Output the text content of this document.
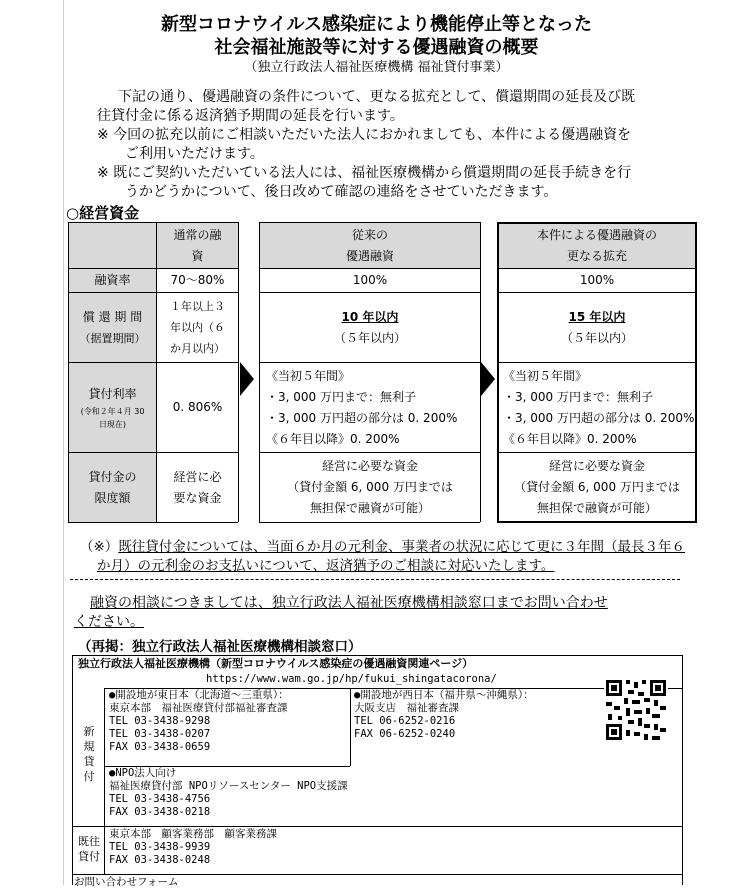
新型コロナウイルス感染症により機能停止等となった
社会福祉施設等に対する優遇融資の概要
（独立行政法人福祉医療機構 福祉貸付事業）
下記の通り、優遇融資の条件について、更なる拡充として、償還期間の延長及び既
往貸付金に係る返済猶予期間の延長を行います。
※ 今回の拡充以前にご相談いただいた法人におかれましても、本件による優遇融資を
ご利用いただけます。
※ 既にご契約いただいている法人には、福祉医療機構から償還期間の延長手続きを行
うかどうかについて、後日改めて確認の連絡をさせていただきます。
○経営資金
通常の融
資
融資率	70～80%
償 還 期 間
（据置期間）
１年以上３
年以内（６
か月以内）
貸付利率
(令和２年４月 30
日現在)
0. 806%
貸付金の
限度額
経営に必
要な資金
従来の
優遇融資
100%
10 年以内
（５年以内）
《当初５年間》
・3, 000 万円まで：無利子
・3, 000 万円超の部分は 0. 200%
《６年目以降》0. 200%
経営に必要な資金
（貸付金額 6, 000 万円までは
無担保で融資が可能）
本件による優遇融資の
更なる拡充
100%
15 年以内
（５年以内）
《当初５年間》
・3, 000 万円まで：無利子
・3, 000 万円超の部分は 0. 200%
《６年目以降》0. 200%
経営に必要な資金
（貸付金額 6, 000 万円までは
無担保で融資が可能）
（※）既往貸付金については、当面６か月の元利金、事業者の状況に応じて更に３年間（最長３年６
か月）の元利金のお支払いについて、返済猶予のご相談に対応いたします。
融資の相談につきましては、独立行政法人福祉医療機構相談窓口までお問い合わせ
ください。
（再掲：独立行政法人福祉医療機構相談窓口）
独立行政法人福祉医療機構（新型コロナウイルス感染症の優遇融資関連ページ）
https://www.wam.go.jp/hp/fukui_shingatacorona/
新
規
貸
付
●開設地が東日本（北海道～三重県）：
東京本部　福祉医療貸付部福祉審査課
TEL 03-3438-9298
TEL 03-3438-0207
FAX 03-3438-0659
●開設地が西日本（福井県～沖縄県）：
大阪支店　福祉審査課
TEL 06-6252-0216
FAX 06-6252-0240
●NPO法人向け
福祉医療貸付部 NPOリソースセンター NPO支援課
TEL 03-3438-4756
FAX 03-3438-0218
既往
貸付
東京本部　顧客業務部　顧客業務課
TEL 03-3438-9939
FAX 03-3438-0248
お問い合わせフォーム
